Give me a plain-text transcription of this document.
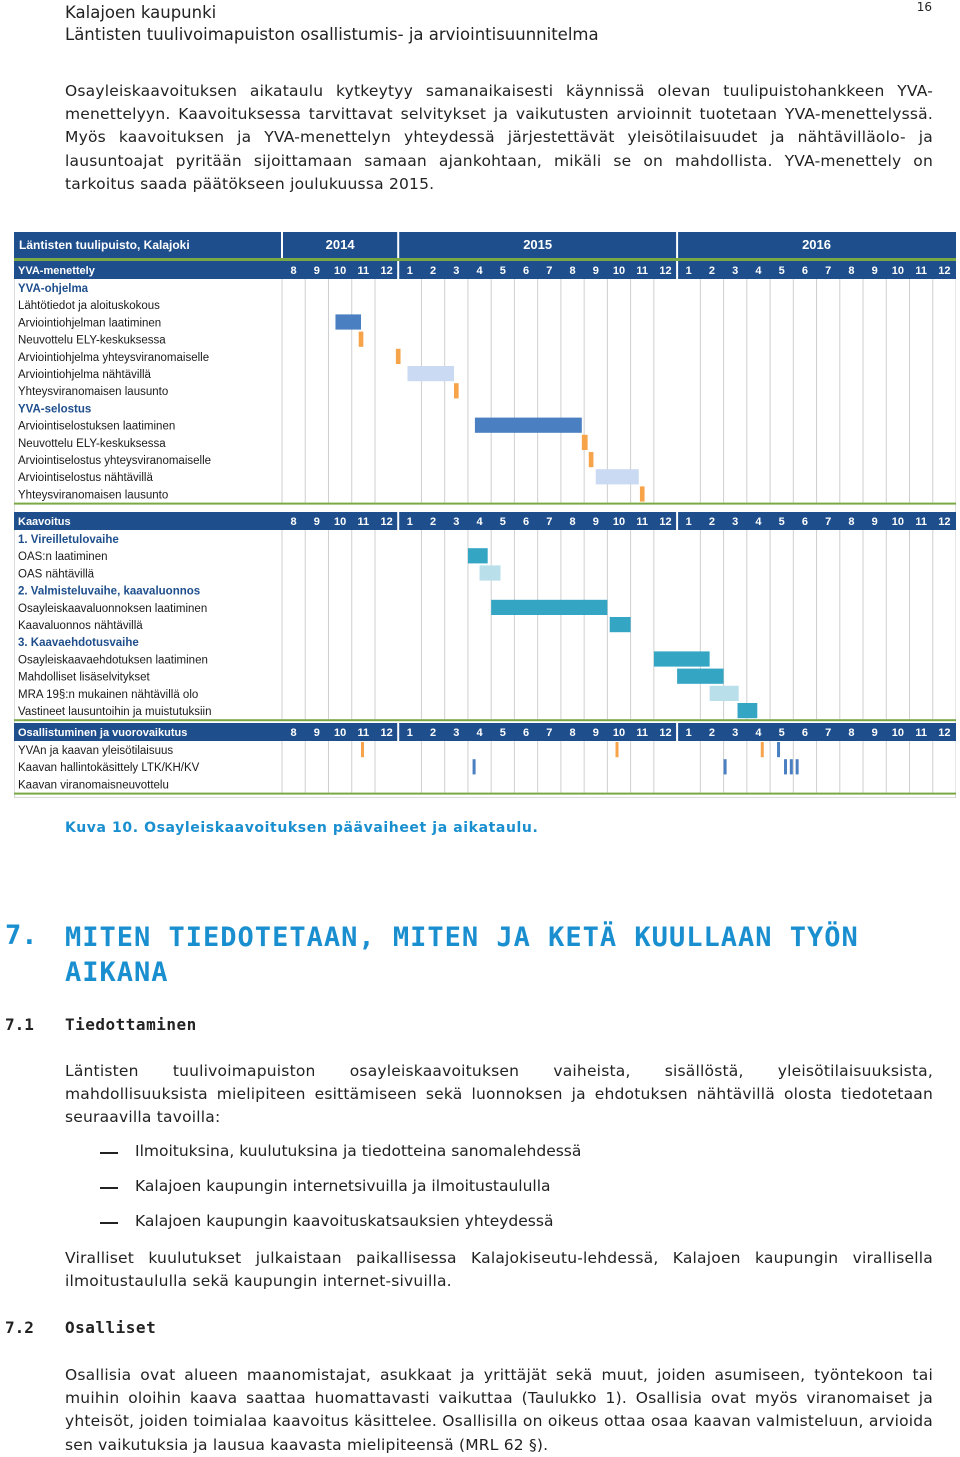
Kalajoen kaupunki
Läntisten tuulivoimapuiston osallistumis- ja arviointisuunnitelma
16
Osayleiskaavoituksen aikataulu kytkeytyy samanaikaisesti käynnissä olevan tuulipuistohankkeen YVA-menettelyyn. Kaavoituksessa tarvittavat selvitykset ja vaikutusten arvioinnit tuotetaan YVA-menettelyssä. Myös kaavoituksen ja YVA-menettelyn yhteydessä järjestettävät yleisötilaisuudet ja nähtävilläolo- ja lausuntoajat pyritään sijoittamaan samaan ajankohtaan, mikäli se on mahdollista. YVA-menettely on tarkoitus saada päätökseen joulukuussa 2015.
Läntisten tuulipuisto, Kalajoki	2014	2015	2016
YVA-menettely	8 9 10 11 12 1 2 3 4 5 6 7 8 9 10 11 12 1 2 3 4 5 6 7 8 9 10 11 12
YVA-ohjelma
Lähtötiedot ja aloituskokous
Arviointiohjelman laatiminen
Neuvottelu ELY-keskuksessa
Arviointiohjelma yhteysviranomaiselle
Arviointiohjelma nähtävillä
Yhteysviranomaisen lausunto
YVA-selostus
Arviointiselostuksen laatiminen
Neuvottelu ELY-keskuksessa
Arviointiselostus yhteysviranomaiselle
Arviointiselostus nähtävillä
Yhteysviranomaisen lausunto
Kaavoitus	8 9 10 11 12 1 2 3 4 5 6 7 8 9 10 11 12 1 2 3 4 5 6 7 8 9 10 11 12
1. Vireilletulovaihe
OAS:n laatiminen
OAS nähtävillä
2. Valmisteluvaihe, kaavaluonnos
Osayleiskaavaluonnoksen laatiminen
Kaavaluonnos nähtävillä
3. Kaavaehdotusvaihe
Osayleiskaavaehdotuksen laatiminen
Mahdolliset lisäselvitykset
MRA 19§:n mukainen nähtävillä olo
Vastineet lausuntoihin ja muistutuksiin
Osallistuminen ja vuorovaikutus	8 9 10 11 12 1 2 3 4 5 6 7 8 9 10 11 12 1 2 3 4 5 6 7 8 9 10 11 12
YVAn ja kaavan yleisötilaisuus
Kaavan hallintokäsittely LTK/KH/KV
Kaavan viranomaisneuvottelu
Kuva 10. Osayleiskaavoituksen päävaiheet ja aikataulu.
7. MITEN TIEDOTETAAN, MITEN JA KETÄ KUULLAAN TYÖN AIKANA
7.1 Tiedottaminen
Läntisten tuulivoimapuiston osayleiskaavoituksen vaiheista, sisällöstä, yleisötilaisuuksista, mahdollisuuksista mielipiteen esittämiseen sekä luonnoksen ja ehdotuksen nähtävillä olosta tiedotetaan seuraavilla tavoilla:
Ilmoituksina, kuulutuksina ja tiedotteina sanomalehdessä
Kalajoen kaupungin internetsivuilla ja ilmoitustaululla
Kalajoen kaupungin kaavoituskatsauksien yhteydessä
Viralliset kuulutukset julkaistaan paikallisessa Kalajokiseutu-lehdessä, Kalajoen kaupungin virallisella ilmoitustaululla sekä kaupungin internet-sivuilla.
7.2 Osalliset
Osallisia ovat alueen maanomistajat, asukkaat ja yrittäjät sekä muut, joiden asumiseen, työntekoon tai muihin oloihin kaava saattaa huomattavasti vaikuttaa (Taulukko 1). Osallisia ovat myös viranomaiset ja yhteisöt, joiden toimialaa kaavoitus käsittelee. Osallisilla on oikeus ottaa osaa kaavan valmisteluun, arvioida sen vaikutuksia ja lausua kaavasta mielipiteensä (MRL 62 §).
